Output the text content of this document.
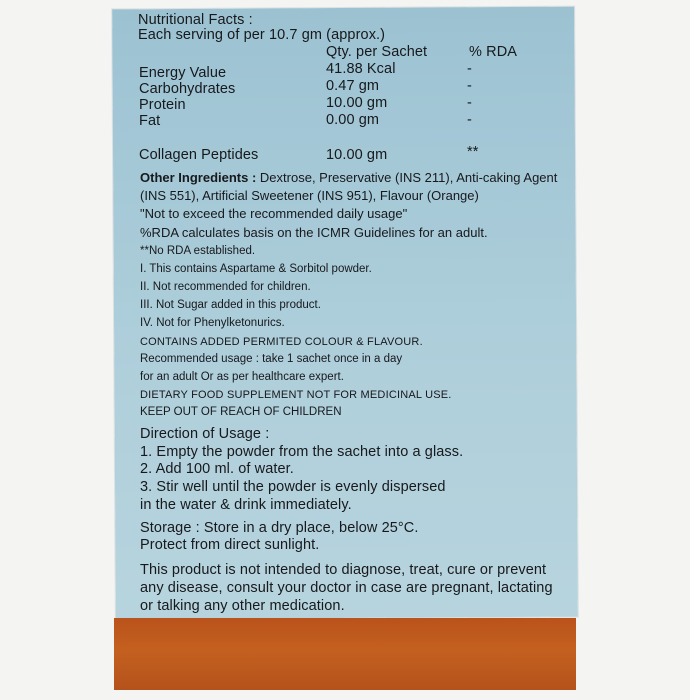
Nutritional Facts :
Each serving of per 10.7 gm (approx.)
Qty. per Sachet	% RDA
Energy Value	41.88 Kcal	-
Carbohydrates	0.47 gm	-
Protein	10.00 gm	-
Fat	0.00 gm	-
Collagen Peptides	10.00 gm	**
Other Ingredients : Dextrose, Preservative (INS 211), Anti-caking Agent
(INS 551), Artificial Sweetener (INS 951), Flavour (Orange)
"Not to exceed the recommended daily usage"
%RDA calculates basis on the ICMR Guidelines for an adult.
**No RDA established.
I. This contains Aspartame & Sorbitol powder.
II. Not recommended for children.
III. Not Sugar added in this product.
IV. Not for Phenylketonurics.
CONTAINS ADDED PERMITED COLOUR & FLAVOUR.
Recommended usage : take 1 sachet once in a day
for an adult Or as per healthcare expert.
DIETARY FOOD SUPPLEMENT NOT FOR MEDICINAL USE.
KEEP OUT OF REACH OF CHILDREN
Direction of Usage :
1. Empty the powder from the sachet into a glass.
2. Add 100 ml. of water.
3. Stir well until the powder is evenly dispersed
in the water & drink immediately.
Storage : Store in a dry place, below 25°C.
Protect from direct sunlight.
This product is not intended to diagnose, treat, cure or prevent
any disease, consult your doctor in case are pregnant, lactating
or talking any other medication.
